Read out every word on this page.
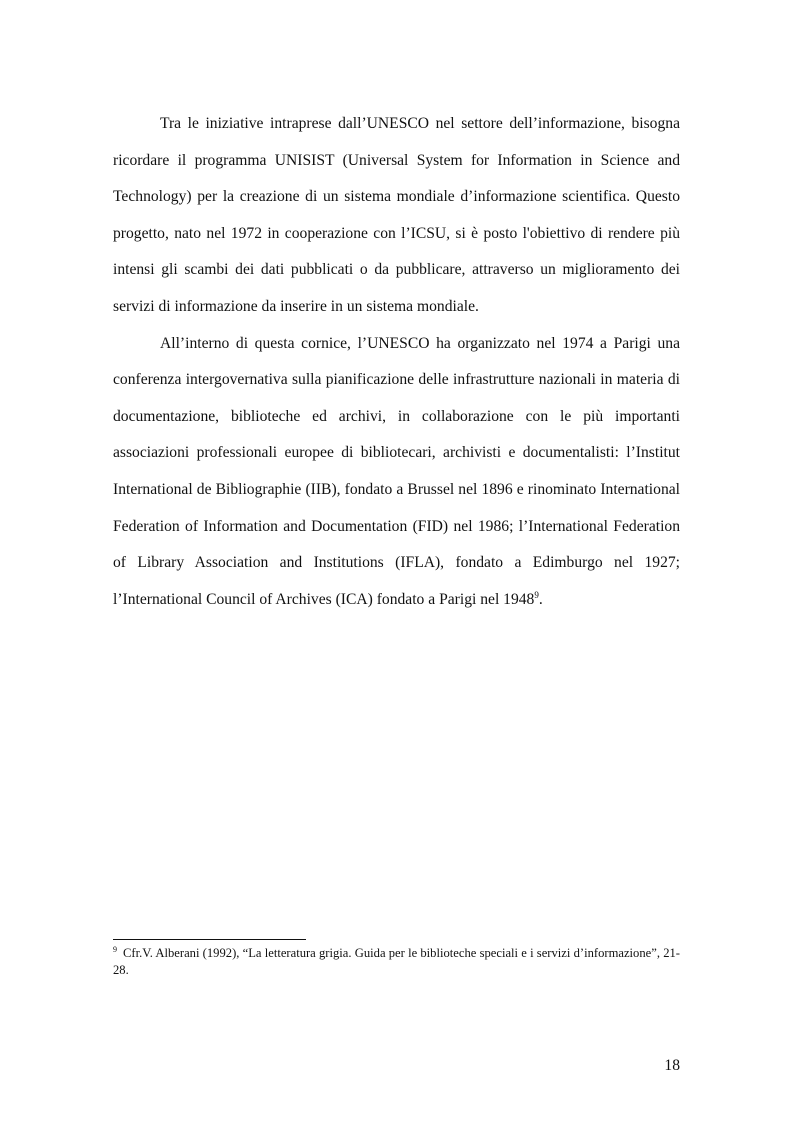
Tra le iniziative intraprese dall’UNESCO nel settore dell’informazione, bisogna ricordare il programma UNISIST (Universal System for Information in Science and Technology) per la creazione di un sistema mondiale d’informazione scientifica. Questo progetto, nato nel 1972 in cooperazione con l’ICSU, si è posto l'obiettivo di rendere più intensi gli scambi dei dati pubblicati o da pubblicare, attraverso un miglioramento dei servizi di informazione da inserire in un sistema mondiale.

All’interno di questa cornice, l’UNESCO ha organizzato nel 1974 a Parigi una conferenza intergovernativa sulla pianificazione delle infrastrutture nazionali in materia di documentazione, biblioteche ed archivi, in collaborazione con le più importanti associazioni professionali europee di bibliotecari, archivisti e documentalisti: l’Institut International de Bibliographie (IIB), fondato a Brussel nel 1896 e rinominato International Federation of Information and Documentation (FID) nel 1986; l’International Federation of Library Association and Institutions (IFLA), fondato a Edimburgo nel 1927; l’International Council of Archives (ICA) fondato a Parigi nel 1948$^9$.

$^9$ Cfr.V. Alberani (1992), “La letteratura grigia. Guida per le biblioteche speciali e i servizi d’informazione”, 21-28.

18
